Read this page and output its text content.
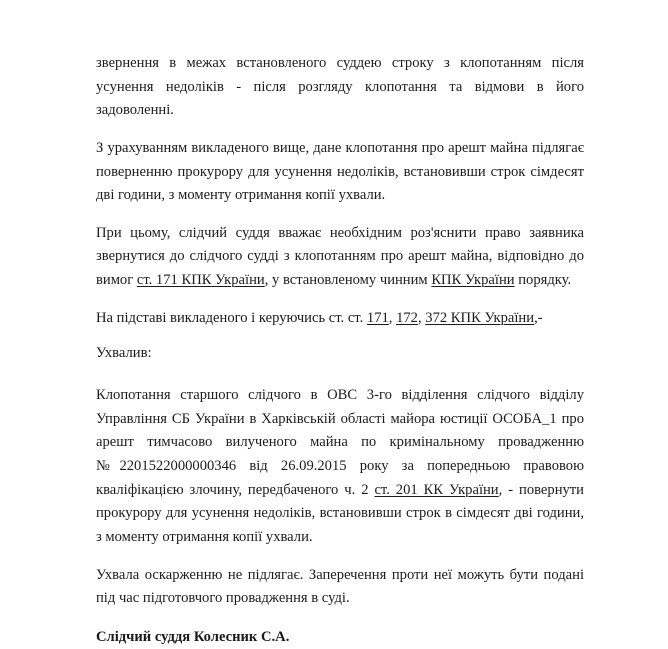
звернення в межах встановленого суддею строку з клопотанням після усунення недоліків - після розгляду клопотання та відмови в його задоволенні.

З урахуванням викладеного вище, дане клопотання про арешт майна підлягає поверненню прокурору для усунення недоліків, встановивши строк сімдесят дві години, з моменту отримання копії ухвали.

При цьому, слідчий суддя вважає необхідним роз'яснити право заявника звернутися до слідчого судді з клопотанням про арешт майна, відповідно до вимог ст. 171 КПК України, у встановленому чинним КПК України порядку.

На підставі викладеного і керуючись ст. ст. 171, 172, 372 КПК України,-

Ухвалив:

Клопотання старшого слідчого в ОВС 3-го відділення слідчого відділу Управління СБ України в Харківській області майора юстиції ОСОБА_1 про арешт тимчасово вилученого майна по кримінальному провадженню №2201522000000346 від 26.09.2015 року за попередньою правовою кваліфікацією злочину, передбаченого ч. 2 ст. 201 КК України, - повернути прокурору для усунення недоліків, встановивши строк в сімдесят дві години, з моменту отримання копії ухвали.

Ухвала оскарженню не підлягає. Заперечення проти неї можуть бути подані під час підготовчого провадження в суді.

Слідчий суддя Колесник С.А.
